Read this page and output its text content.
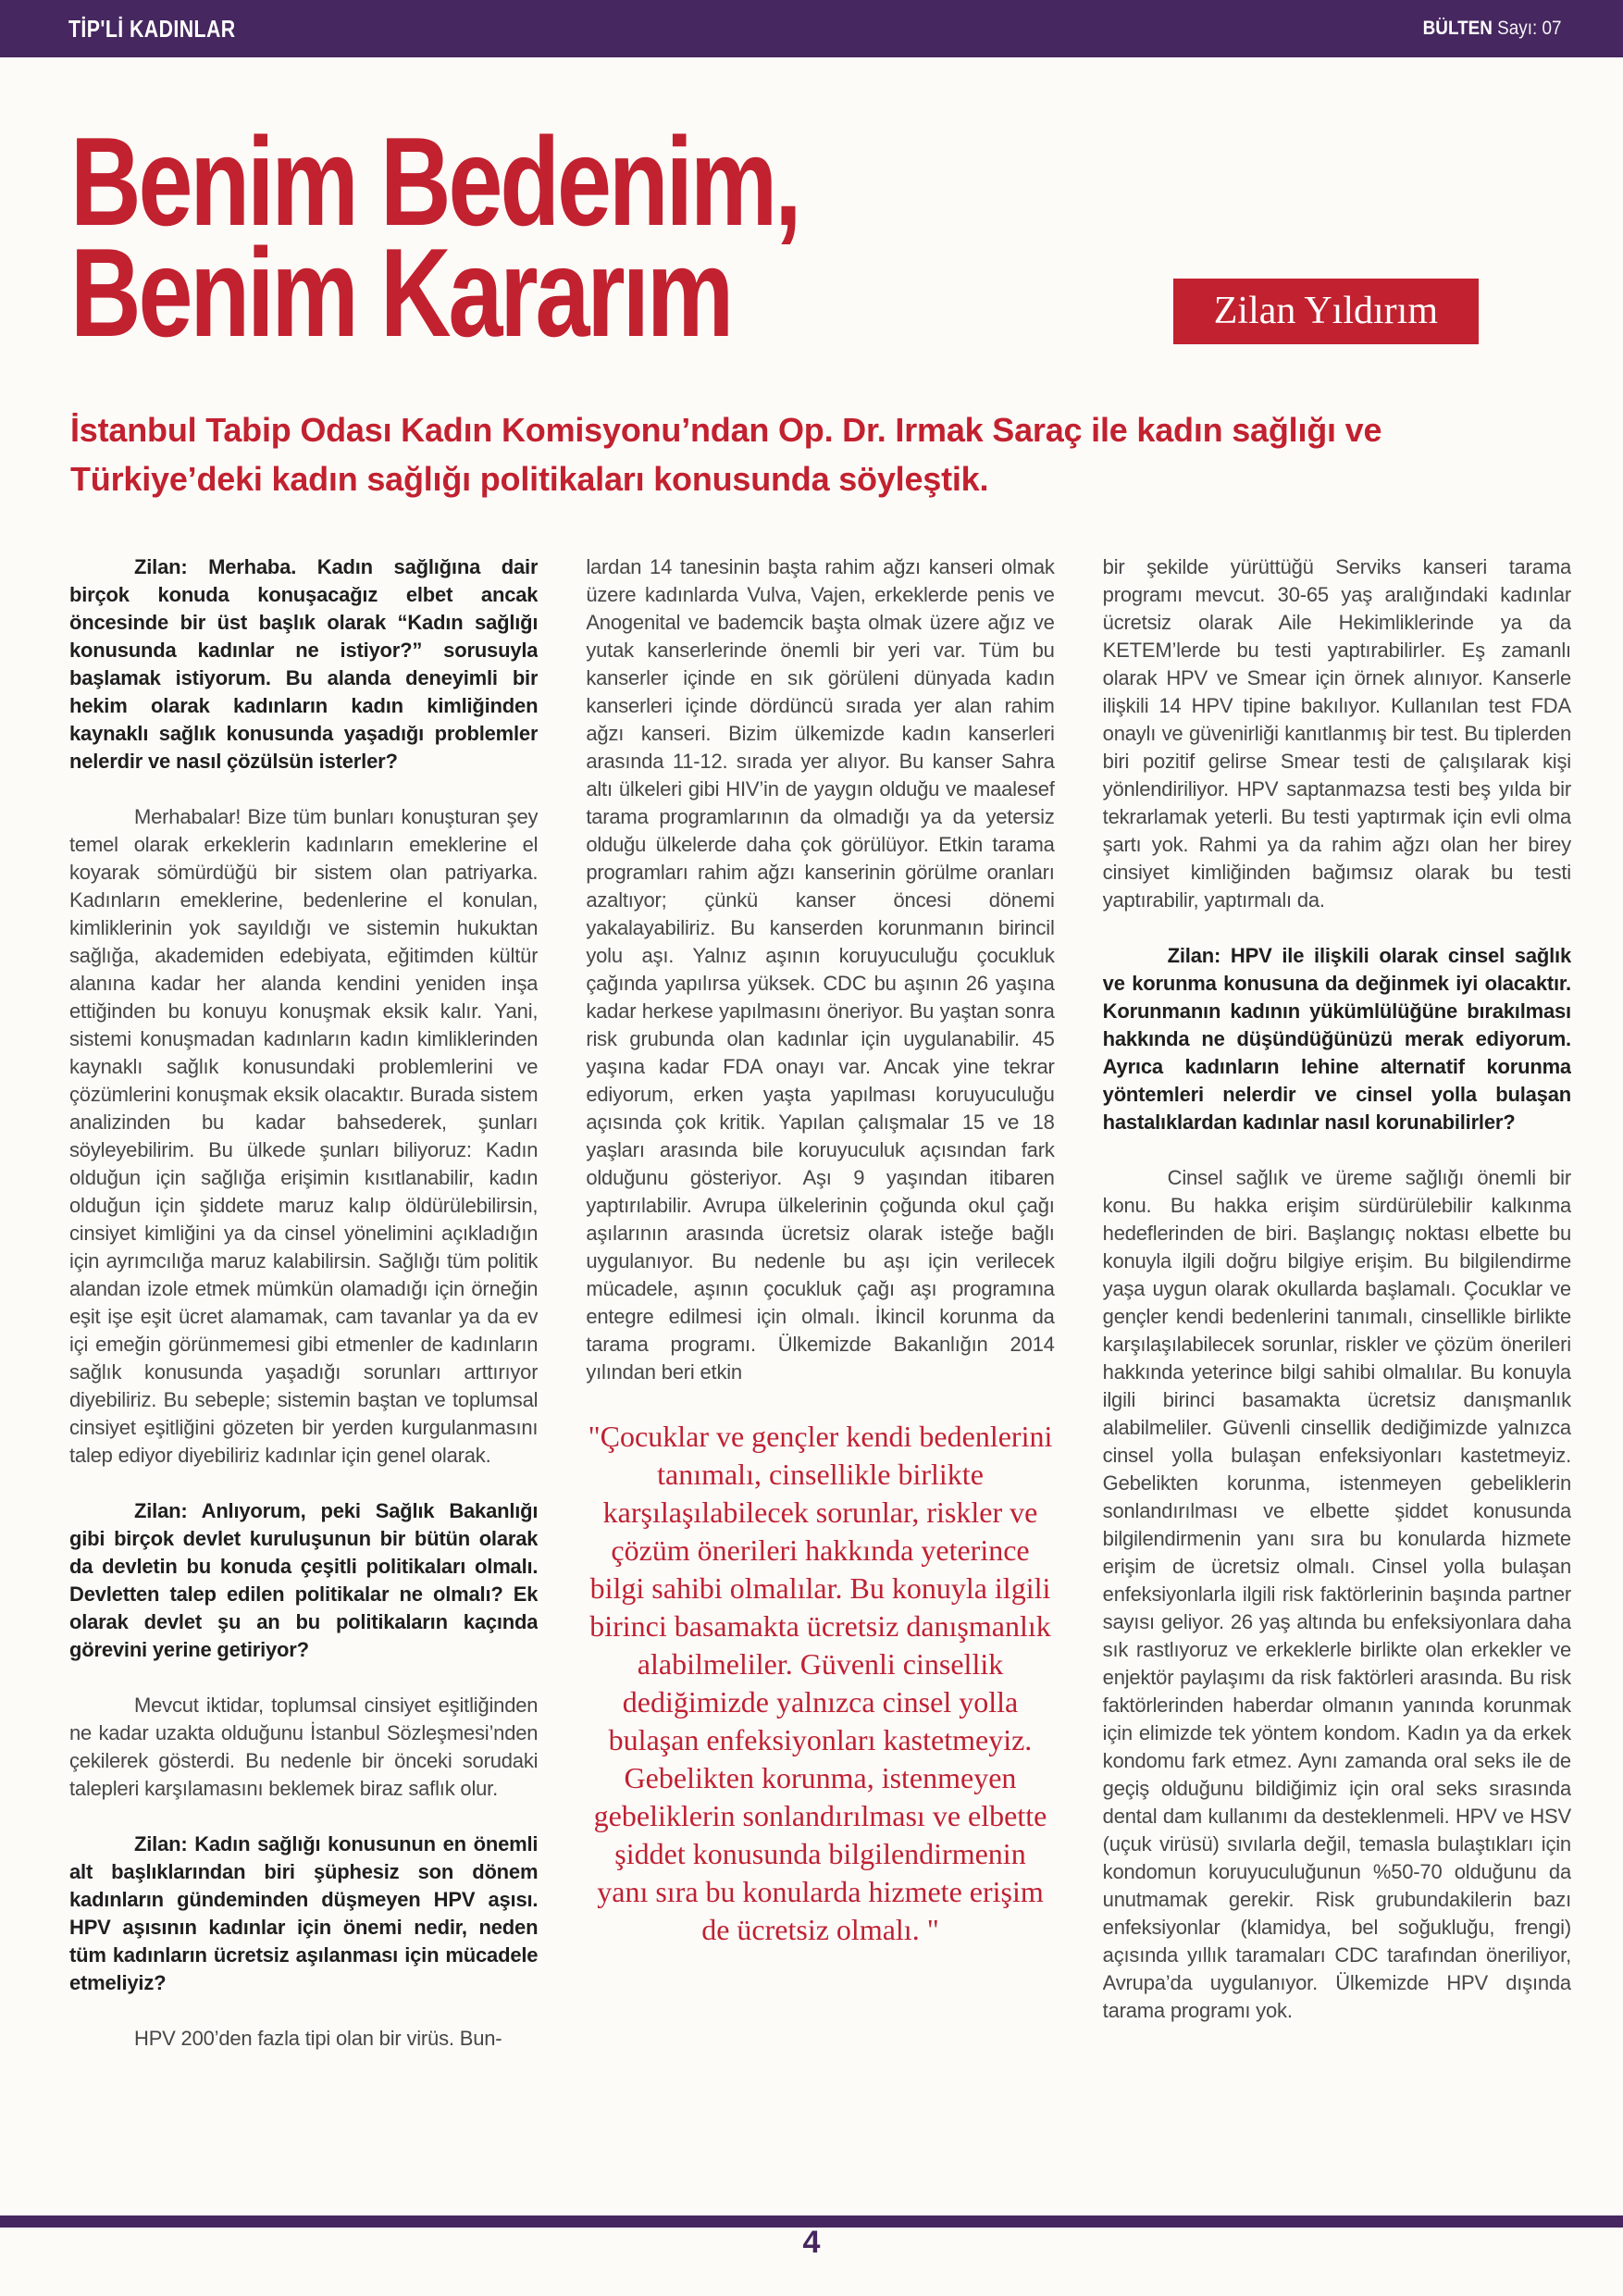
TİP'Lİ KADINLAR	BÜLTEN Sayı: 07
Benim Bedenim,
Benim Kararım	Zilan Yıldırım
İstanbul Tabip Odası Kadın Komisyonu’ndan Op. Dr. Irmak Saraç ile kadın sağlığı ve Türkiye’deki kadın sağlığı politikaları konusunda söyleştik.

Zilan: Merhaba. Kadın sağlığına dair birçok konuda konuşacağız elbet ancak öncesinde bir üst başlık olarak “Kadın sağlığı konusunda kadınlar ne istiyor?” sorusuyla başlamak istiyorum. Bu alanda deneyimli bir hekim olarak kadınların kadın kimliğinden kaynaklı sağlık konusunda yaşadığı problemler nelerdir ve nasıl çözülsün isterler?

Merhabalar! Bize tüm bunları konuşturan şey temel olarak erkeklerin kadınların emeklerine el koyarak sömürdüğü bir sistem olan patriyarka. Kadınların emeklerine, bedenlerine el konulan, kimliklerinin yok sayıldığı ve sistemin hukuktan sağlığa, akademiden edebiyata, eğitimden kültür alanına kadar her alanda kendini yeniden inşa ettiğinden bu konuyu konuşmak eksik kalır. Yani, sistemi konuşmadan kadınların kadın kimliklerinden kaynaklı sağlık konusundaki problemlerini ve çözümlerini konuşmak eksik olacaktır. Burada sistem analizinden bu kadar bahsederek, şunları söyleyebilirim. Bu ülkede şunları biliyoruz: Kadın olduğun için sağlığa erişimin kısıtlanabilir, kadın olduğun için şiddete maruz kalıp öldürülebilirsin, cinsiyet kimliğini ya da cinsel yönelimini açıkladığın için ayrımcılığa maruz kalabilirsin. Sağlığı tüm politik alandan izole etmek mümkün olamadığı için örneğin eşit işe eşit ücret alamamak, cam tavanlar ya da ev içi emeğin görünmemesi gibi etmenler de kadınların sağlık konusunda yaşadığı sorunları arttırıyor diyebiliriz. Bu sebeple; sistemin baştan ve toplumsal cinsiyet eşitliğini gözeten bir yerden kurgulanmasını talep ediyor diyebiliriz kadınlar için genel olarak.

Zilan: Anlıyorum, peki Sağlık Bakanlığı gibi birçok devlet kuruluşunun bir bütün olarak da devletin bu konuda çeşitli politikaları olmalı. Devletten talep edilen politikalar ne olmalı? Ek olarak devlet şu an bu politikaların kaçında görevini yerine getiriyor?

Mevcut iktidar, toplumsal cinsiyet eşitliğinden ne kadar uzakta olduğunu İstanbul Sözleşmesi’nden çekilerek gösterdi. Bu nedenle bir önceki sorudaki talepleri karşılamasını beklemek biraz saflık olur.

Zilan: Kadın sağlığı konusunun en önemli alt başlıklarından biri şüphesiz son dönem kadınların gündeminden düşmeyen HPV aşısı. HPV aşısının kadınlar için önemi nedir, neden tüm kadınların ücretsiz aşılanması için mücadele etmeliyiz?

HPV 200’den fazla tipi olan bir virüs. Bun-

lardan 14 tanesinin başta rahim ağzı kanseri olmak üzere kadınlarda Vulva, Vajen, erkeklerde penis ve Anogenital ve bademcik başta olmak üzere ağız ve yutak kanserlerinde önemli bir yeri var. Tüm bu kanserler içinde en sık görüleni dünyada kadın kanserleri içinde dördüncü sırada yer alan rahim ağzı kanseri. Bizim ülkemizde kadın kanserleri arasında 11-12. sırada yer alıyor. Bu kanser Sahra altı ülkeleri gibi HIV’in de yaygın olduğu ve maalesef tarama programlarının da olmadığı ya da yetersiz olduğu ülkelerde daha çok görülüyor. Etkin tarama programları rahim ağzı kanserinin görülme oranları azaltıyor; çünkü kanser öncesi dönemi yakalayabiliriz. Bu kanserden korunmanın birincil yolu aşı. Yalnız aşının koruyuculuğu çocukluk çağında yapılırsa yüksek. CDC bu aşının 26 yaşına kadar herkese yapılmasını öneriyor. Bu yaştan sonra risk grubunda olan kadınlar için uygulanabilir. 45 yaşına kadar FDA onayı var. Ancak yine tekrar ediyorum, erken yaşta yapılması koruyuculuğu açısında çok kritik. Yapılan çalışmalar 15 ve 18 yaşları arasında bile koruyuculuk açısından fark olduğunu gösteriyor. Aşı 9 yaşından itibaren yaptırılabilir. Avrupa ülkelerinin çoğunda okul çağı aşılarının arasında ücretsiz olarak isteğe bağlı uygulanıyor. Bu nedenle bu aşı için verilecek mücadele, aşının çocukluk çağı aşı programına entegre edilmesi için olmalı. İkincil korunma da tarama programı. Ülkemizde Bakanlığın 2014 yılından beri etkin

"Çocuklar ve gençler kendi bedenlerini tanımalı, cinsellikle birlikte karşılaşılabilecek sorunlar, riskler ve çözüm önerileri hakkında yeterince bilgi sahibi olmalılar. Bu konuyla ilgili birinci basamakta ücretsiz danışmanlık alabilmeliler. Güvenli cinsellik dediğimizde yalnızca cinsel yolla bulaşan enfeksiyonları kastetmeyiz. Gebelikten korunma, istenmeyen gebeliklerin sonlandırılması ve elbette şiddet konusunda bilgilendirmenin yanı sıra bu konularda hizmete erişim de ücretsiz olmalı. "

bir şekilde yürüttüğü Serviks kanseri tarama programı mevcut. 30-65 yaş aralığındaki kadınlar ücretsiz olarak Aile Hekimliklerinde ya da KETEM’lerde bu testi yaptırabilirler. Eş zamanlı olarak HPV ve Smear için örnek alınıyor. Kanserle ilişkili 14 HPV tipine bakılıyor. Kullanılan test FDA onaylı ve güvenirliği kanıtlanmış bir test. Bu tiplerden biri pozitif gelirse Smear testi de çalışılarak kişi yönlendiriliyor. HPV saptanmazsa testi beş yılda bir tekrarlamak yeterli. Bu testi yaptırmak için evli olma şartı yok. Rahmi ya da rahim ağzı olan her birey cinsiyet kimliğinden bağımsız olarak bu testi yaptırabilir, yaptırmalı da.

Zilan: HPV ile ilişkili olarak cinsel sağlık ve korunma konusuna da değinmek iyi olacaktır. Korunmanın kadının yükümlülüğüne bırakılması hakkında ne düşündüğünüzü merak ediyorum. Ayrıca kadınların lehine alternatif korunma yöntemleri nelerdir ve cinsel yolla bulaşan hastalıklardan kadınlar nasıl korunabilirler?

Cinsel sağlık ve üreme sağlığı önemli bir konu. Bu hakka erişim sürdürülebilir kalkınma hedeflerinden de biri. Başlangıç noktası elbette bu konuyla ilgili doğru bilgiye erişim. Bu bilgilendirme yaşa uygun olarak okullarda başlamalı. Çocuklar ve gençler kendi bedenlerini tanımalı, cinsellikle birlikte karşılaşılabilecek sorunlar, riskler ve çözüm önerileri hakkında yeterince bilgi sahibi olmalılar. Bu konuyla ilgili birinci basamakta ücretsiz danışmanlık alabilmeliler. Güvenli cinsellik dediğimizde yalnızca cinsel yolla bulaşan enfeksiyonları kastetmeyiz. Gebelikten korunma, istenmeyen gebeliklerin sonlandırılması ve elbette şiddet konusunda bilgilendirmenin yanı sıra bu konularda hizmete erişim de ücretsiz olmalı. Cinsel yolla bulaşan enfeksiyonlarla ilgili risk faktörlerinin başında partner sayısı geliyor. 26 yaş altında bu enfeksiyonlara daha sık rastlıyoruz ve erkeklerle birlikte olan erkekler ve enjektör paylaşımı da risk faktörleri arasında. Bu risk faktörlerinden haberdar olmanın yanında korunmak için elimizde tek yöntem kondom. Kadın ya da erkek kondomu fark etmez. Aynı zamanda oral seks ile de geçiş olduğunu bildiğimiz için oral seks sırasında dental dam kullanımı da desteklenmeli. HPV ve HSV (uçuk virüsü) sıvılarla değil, temasla bulaştıkları için kondomun koruyuculuğunun %50-70 olduğunu da unutmamak gerekir. Risk grubundakilerin bazı enfeksiyonlar (klamidya, bel soğukluğu, frengi) açısında yıllık taramaları CDC tarafından öneriliyor, Avrupa’da uygulanıyor. Ülkemizde HPV dışında tarama programı yok.

4
